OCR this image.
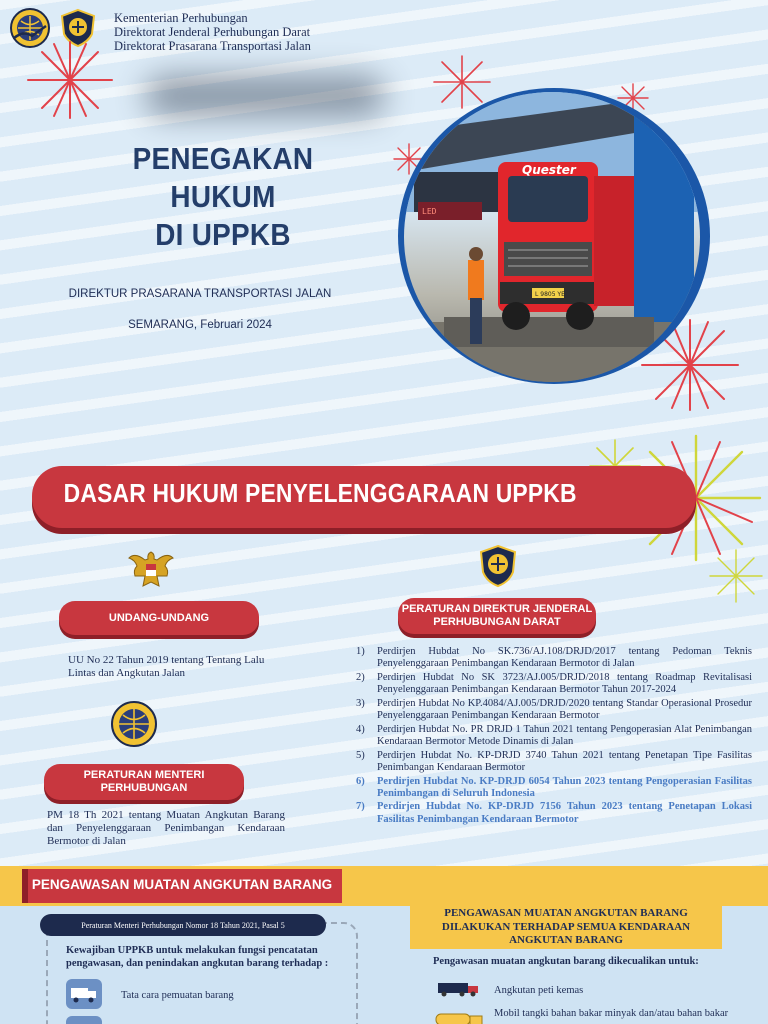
Kementerian Perhubungan
Direktorat Jenderal Perhubungan Darat
Direktorat Prasarana Transportasi Jalan
PENEGAKAN HUKUM
DI UPPKB
DIREKTUR PRASARANA TRANSPORTASI JALAN
SEMARANG, Februari 2024
LED
Quester
L 9805 YE
DASAR HUKUM PENYELENGGARAAN UPPKB
UNDANG-UNDANG
UU No 22 Tahun 2019 tentang Tentang Lalu Lintas dan Angkutan Jalan
PERATURAN MENTERI
PERHUBUNGAN
PM 18 Th 2021 tentang Muatan Angkutan Barang dan Penyelenggaraan Penimbangan Kendaraan Bermotor di Jalan
PERATURAN DIREKTUR JENDERAL
PERHUBUNGAN DARAT
1)	Perdirjen Hubdat No SK.736/AJ.108/DRJD/2017 tentang Pedoman Teknis Penyelenggaraan Penimbangan Kendaraan Bermotor di Jalan
2)	Perdirjen Hubdat No SK 3723/AJ.005/DRJD/2018 tentang Roadmap Revitalisasi Penyelenggaraan Penimbangan Kendaraan Bermotor Tahun 2017-2024
3)	Perdirjen Hubdat No KP.4084/AJ.005/DRJD/2020 tentang Standar Operasional Prosedur Penyelenggaraan Penimbangan Kendaraan Bermotor
4)	Perdirjen Hubdat No. PR DRJD 1 Tahun 2021 tentang Pengoperasian Alat Penimbangan Kendaraan Bermotor Metode Dinamis di Jalan
5)	Perdirjen Hubdat No. KP-DRJD 3740 Tahun 2021 tentang Penetapan Tipe Fasilitas Penimbangan Kendaraan Bermotor
6)	Perdirjen Hubdat No. KP-DRJD 6054 Tahun 2023 tentang Pengoperasian Fasilitas Penimbangan di Seluruh Indonesia
7)	Perdirjen Hubdat No. KP-DRJD 7156 Tahun 2023 tentang Penetapan Lokasi Fasilitas Penimbangan Kendaraan Bermotor
PENGAWASAN MUATAN ANGKUTAN BARANG
Peraturan Menteri Perhubungan Nomor 18 Tahun 2021, Pasal 5
Kewajiban UPPKB untuk melakukan fungsi pencatatan pengawasan, dan penindakan angkutan barang terhadap :
Tata cara pemuatan barang
PENGAWASAN MUATAN ANGKUTAN BARANG
DILAKUKAN TERHADAP SEMUA KENDARAAN
ANGKUTAN BARANG
Pengawasan muatan angkutan barang dikecualikan untuk:
Angkutan peti kemas
Mobil tangki bahan bakar minyak dan/atau bahan bakar
